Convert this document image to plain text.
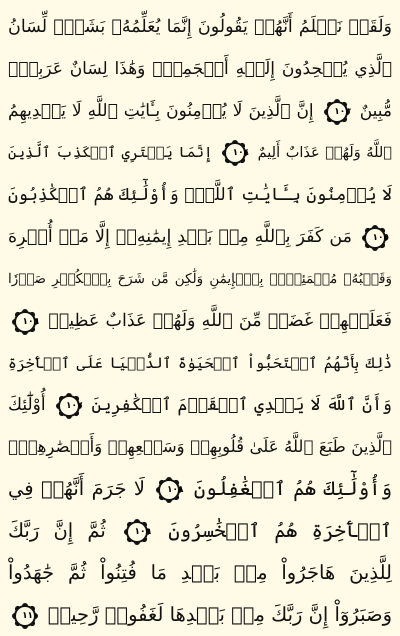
وَلَقَدۡ نَعۡلَمُ أَنَّهُمۡ يَقُولُونَ إِنَّمَا يُعَلِّمُهُۥ بَشَرٞۗ لِّسَانُ
ٱلَّذِي يُلۡحِدُونَ إِلَيۡهِ أَعۡجَمِيّٞ وَهَٰذَا لِسَانٌ عَرَبِيّٞ
مُّبِينٌ
١٠٣
إِنَّ ٱلَّذِينَ لَا يُؤۡمِنُونَ بِـَٔايَٰتِ ٱللَّهِ لَا يَهۡدِيهِمُ
ٱللَّهُ وَلَهُمۡ عَذَابٌ أَلِيمٌ
١٠٤
إِنَّمَا يَفۡتَرِي ٱلۡكَذِبَ ٱلَّذِينَ
لَا يُؤۡمِنُونَ بِـَٔايَٰتِ ٱللَّهِۖ وَأُوْلَٰٓئِكَ هُمُ ٱلۡكَٰذِبُونَ
١٠٥
مَن كَفَرَ بِٱللَّهِ مِنۢ بَعۡدِ إِيمَٰنِهِۦٓ إِلَّا مَنۡ أُكۡرِهَ
وَقَلۡبُهُۥ مُطۡمَئِنُّۢ بِٱلۡإِيمَٰنِ وَلَٰكِن مَّن شَرَحَ بِٱلۡكُفۡرِ صَدۡرٗا
فَعَلَيۡهِمۡ غَضَبٞ مِّنَ ٱللَّهِ وَلَهُمۡ عَذَابٌ عَظِيمٞ
١٠٦
ذَٰلِكَ بِأَنَّهُمُ ٱسۡتَحَبُّواْ ٱلۡحَيَوٰةَ ٱلدُّنۡيَا عَلَى ٱلۡأٓخِرَةِ
وَأَنَّ ٱللَّهَ لَا يَهۡدِي ٱلۡقَوۡمَ ٱلۡكَٰفِرِينَ
١٠٧
أُوْلَٰٓئِكَ
ٱلَّذِينَ طَبَعَ ٱللَّهُ عَلَىٰ قُلُوبِهِمۡ وَسَمۡعِهِمۡ وَأَبۡصَٰرِهِمۡۖ
وَأُوْلَٰٓئِكَ هُمُ ٱلۡغَٰفِلُونَ
١٠٨
لَا جَرَمَ أَنَّهُمۡ فِي
ٱلۡأٓخِرَةِ هُمُ ٱلۡخَٰسِرُونَ
١٠٩
ثُمَّ إِنَّ رَبَّكَ
لِلَّذِينَ هَاجَرُواْ مِنۢ بَعۡدِ مَا فُتِنُواْ ثُمَّ جَٰهَدُواْ
وَصَبَرُوٓاْ إِنَّ رَبَّكَ مِنۢ بَعۡدِهَا لَغَفُورٞ رَّحِيمٞ
١١٠
